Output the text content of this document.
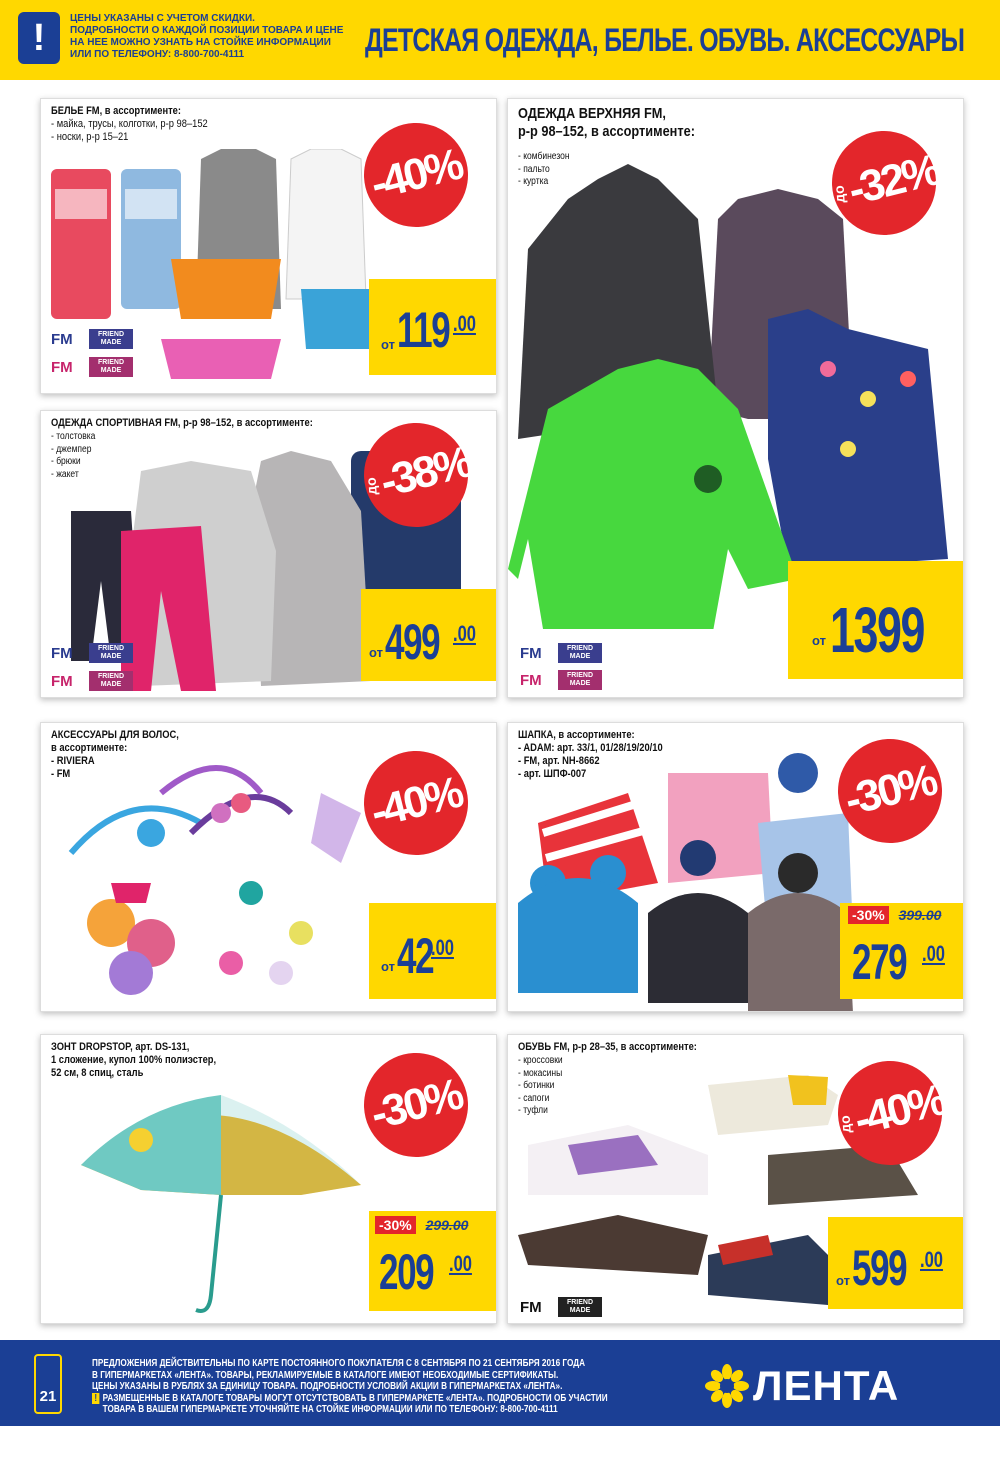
!	ЦЕНЫ УКАЗАНЫ С УЧЕТОМ СКИДКИ.
ПОДРОБНОСТИ О КАЖДОЙ ПОЗИЦИИ ТОВАРА И ЦЕНЕ
НА НЕЕ МОЖНО УЗНАТЬ НА СТОЙКЕ ИНФОРМАЦИИ
ИЛИ ПО ТЕЛЕФОНУ: 8-800-700-4111	ДЕТСКАЯ ОДЕЖДА, БЕЛЬЕ. ОБУВЬ. АКСЕССУАРЫ
БЕЛЬЕ FM, в ассортименте:
- майка, трусы, колготки, р-р 98–152
- носки, р-р 15–21
-40%
от 119 .00
FM	FRIEND MADE
FM	FRIEND MADE
ОДЕЖДА ВЕРХНЯЯ FM,
р-р 98–152, в ассортименте:
- комбинезон
- пальто
- куртка
до
-32%
от 1399
FM	FRIEND MADE
FM	FRIEND MADE
ОДЕЖДА СПОРТИВНАЯ FM, р-р 98–152, в ассортименте:
- толстовка
- джемпер
- брюки
- жакет
до
-38%
от 499 .00
FM	FRIEND MADE
FM	FRIEND MADE
АКСЕССУАРЫ ДЛЯ ВОЛОС,
в ассортименте:
- RIVIERA
- FM	-40%
от 42
.00
ШАПКА, в ассортименте:
- ADAM: арт. 33/1, 01/28/19/20/10
- FM, арт. NH-8662
- арт. ШПФ-007	-30%
-30% 399.00
279 .00
ЗОНТ DROPSTOP, арт. DS-131,
1 сложение, купол 100% полиэстер,
52 см, 8 спиц, сталь	-30%
-30% 299.00
209 .00
ОБУВЬ FM, р-р 28–35, в ассортименте:
- кроссовки
- мокасины
- ботинки
- сапоги
- туфли
до
-40%
от 599 .00
FM	FRIEND MADE
21
ПРЕДЛОЖЕНИЯ ДЕЙСТВИТЕЛЬНЫ ПО КАРТЕ ПОСТОЯННОГО ПОКУПАТЕЛЯ С 8 СЕНТЯБРЯ ПО 21 СЕНТЯБРЯ 2016 ГОДА
В ГИПЕРМАРКЕТАХ «ЛЕНТА». ТОВАРЫ, РЕКЛАМИРУЕМЫЕ В КАТАЛОГЕ ИМЕЮТ НЕОБХОДИМЫЕ СЕРТИФИКАТЫ.
ЦЕНЫ УКАЗАНЫ В РУБЛЯХ ЗА ЕДИНИЦУ ТОВАРА. ПОДРОБНОСТИ УСЛОВИЙ АКЦИИ В ГИПЕРМАРКЕТАХ «ЛЕНТА».
! РАЗМЕЩЕННЫЕ В КАТАЛОГЕ ТОВАРЫ МОГУТ ОТСУТСТВОВАТЬ В ГИПЕРМАРКЕТЕ «ЛЕНТА». ПОДРОБНОСТИ ОБ УЧАСТИИ
ТОВАРА В ВАШЕМ ГИПЕРМАРКЕТЕ УТОЧНЯЙТЕ НА СТОЙКЕ ИНФОРМАЦИИ ИЛИ ПО ТЕЛЕФОНУ: 8-800-700-4111
ЛЕНТА
